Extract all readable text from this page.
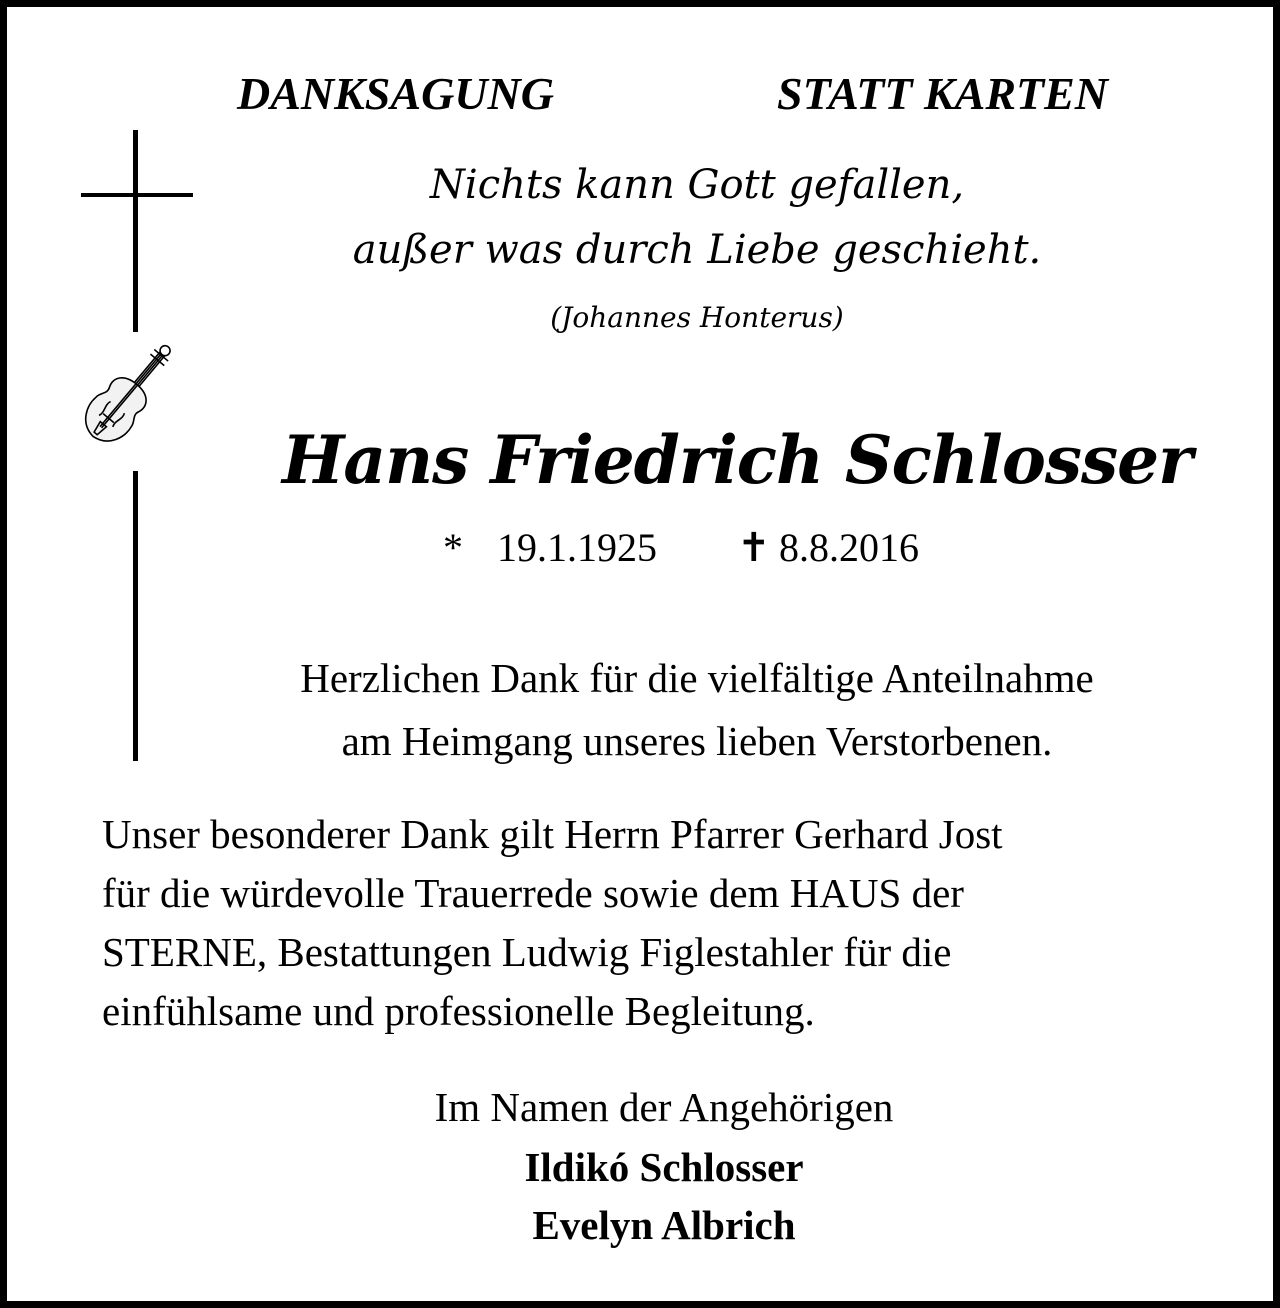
DANKSAGUNG	STATT KARTEN
Nichts kann Gott gefallen,
außer was durch Liebe geschieht.
(Johannes Honterus)
Hans Friedrich Schlosser
* 19.1.1925 ✝ 8.8.2016
Herzlichen Dank für die vielfältige Anteilnahme
am Heimgang unseres lieben Verstorbenen.
Unser besonderer Dank gilt Herrn Pfarrer Gerhard Jost
für die würdevolle Trauerrede sowie dem HAUS der
STERNE, Bestattungen Ludwig Figlestahler für die
einfühlsame und professionelle Begleitung.
Im Namen der Angehörigen
Ildikó Schlosser
Evelyn Albrich
